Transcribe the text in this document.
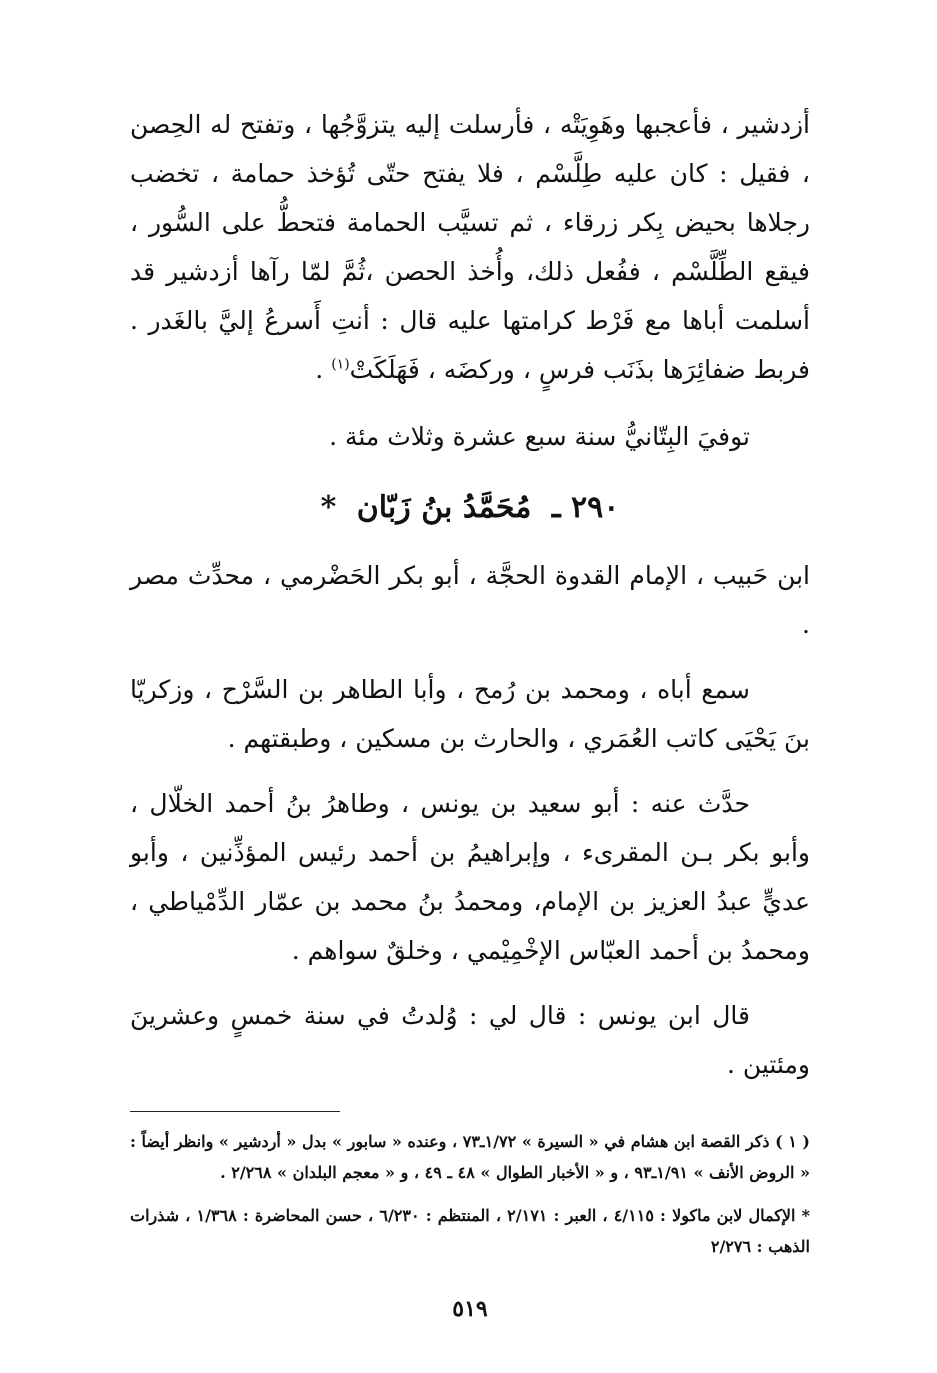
أزدشير ، فأعجبها وهَوِيَتْه ، فأرسلت إليه يتزوَّجُها ، وتفتح له الحِصن ، فقيل : كان عليه طِلَّسْم ، فلا يفتح حتّى تُؤخذ حمامة ، تخضب رجلاها بحيض بِكر زرقاء ، ثم تسيَّب الحمامة فتحطُّ على السُّور ، فيقع الطِّلَّسْم ، ففُعل ذلك، وأُخذ الحصن ،ثُمَّ لمّا رآها أزدشير قد أسلمت أباها مع فَرْط كرامتها عليه قال : أنتِ أَسرعُ إليَّ بالغَدر . فربط ضفائِرَها بذَنَب فرسٍ ، وركضَه ، فَهَلَكَتْ$^{(١)}$ .

توفيَ البِتّانيُّ سنة سبع عشرة وثلاث مئة .

٢٩٠ ـ مُحَمَّدُ بنُ زَبّان *

ابن حَبيب ، الإمام القدوة الحجَّة ، أبو بكر الحَضْرمي ، محدِّث مصر .

سمع أباه ، ومحمد بن رُمح ، وأبا الطاهر بن السَّرْح ، وزكريّا بنَ يَحْيَى كاتب العُمَري ، والحارث بن مسكين ، وطبقتهم .

حدَّث عنه : أبو سعيد بن يونس ، وطاهرُ بنُ أحمد الخلّال ، وأبو بكر بـن المقرىء ، وإبراهيمُ بن أحمد رئيس المؤذِّنين ، وأبو عديٍّ عبدُ العزيز بن الإمام، ومحمدُ بنُ محمد بن عمّار الدِّمْياطي ، ومحمدُ بن أحمد العبّاس الإخْمِيْمي ، وخلقٌ سواهم .

قال ابن يونس : قال لي : وُلدتُ في سنة خمسٍ وعشرينَ ومئتين .

( ١ ) ذكر القصة ابن هشام في « السيرة » ١/٧٢ـ٧٣ ، وعنده « سابور » بدل « أردشير » وانظر أيضاً : « الروض الأنف » ١/٩١ـ٩٣ ، و « الأخبار الطوال » ٤٨ ـ ٤٩ ، و « معجم البلدان » ٢/٢٦٨ .

* الإكمال لابن ماكولا : ٤/١١٥ ، العبر : ٢/١٧١ ، المنتظم : ٦/٢٣٠ ، حسن المحاضرة : ١/٣٦٨ ، شذرات الذهب : ٢/٢٧٦

٥١٩
